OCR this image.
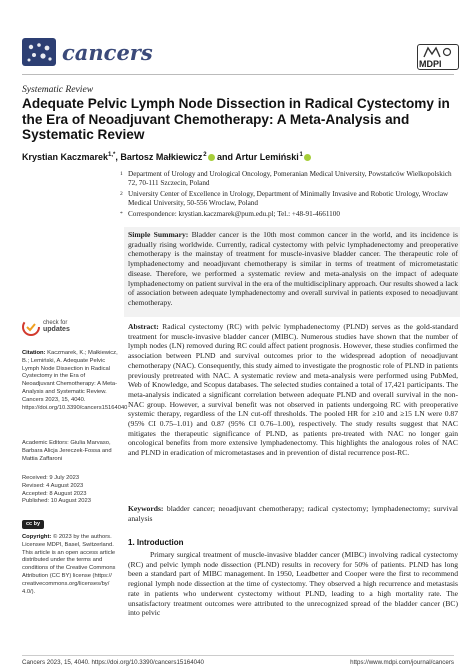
cancers	MDPI
Systematic Review
Adequate Pelvic Lymph Node Dissection in Radical Cystectomy in the Era of Neoadjuvant Chemotherapy: A Meta-Analysis and Systematic Review
Krystian Kaczmarek$^{1,*}$, Bartosz Małkiewicz $^2$ and Artur Lemiński $^1$
1 Department of Urology and Urological Oncology, Pomeranian Medical University, Powstańców Wielkopolskich 72, 70-111 Szczecin, Poland
2 University Center of Excellence in Urology, Department of Minimally Invasive and Robotic Urology, Wroclaw Medical University, 50-556 Wroclaw, Poland
* Correspondence: krystian.kaczmarek@pum.edu.pl; Tel.: +48-91-4661100
Simple Summary: Bladder cancer is the 10th most common cancer in the world, and its incidence is gradually rising worldwide. Currently, radical cystectomy with pelvic lymphadenectomy and preoperative chemotherapy is the mainstay of treatment for muscle-invasive bladder cancer. The therapeutic role of lymphadenectomy and neoadjuvant chemotherapy is similar in terms of treatment of micrometastatic disease. Therefore, we performed a systematic review and meta-analysis on the impact of adequate lymphadenectomy on patient survival in the era of the multidisciplinary approach. Our results showed a lack of association between adequate lymphadenectomy and overall survival in patients exposed to neoadjuvant chemotherapy.
Abstract: Radical cystectomy (RC) with pelvic lymphadenectomy (PLND) serves as the gold-standard treatment for muscle-invasive bladder cancer (MIBC). Numerous studies have shown that the number of lymph nodes (LN) removed during RC could affect patient prognosis. However, these studies confirmed the association between PLND and survival outcomes prior to the widespread adoption of neoadjuvant chemotherapy (NAC). Consequently, this study aimed to investigate the prognostic role of PLND in patients previously pretreated with NAC. A systematic review and meta-analysis were performed using PubMed, Web of Knowledge, and Scopus databases. The selected studies contained a total of 17,421 participants. The meta-analysis indicated a significant correlation between adequate PLND and overall survival in the non-NAC group. However, a survival benefit was not observed in patients undergoing RC with preoperative systemic therapy, regardless of the LN cut-off thresholds. The pooled HR for ≥10 and ≥15 LN were 0.87 (95% CI 0.75–1.01) and 0.87 (95% CI 0.76–1.00), respectively. The study results suggest that NAC mitigates the therapeutic significance of PLND, as patients pre-treated with NAC no longer gain oncological benefits from more extensive lymphadenectomy. This highlights the analogous roles of NAC and PLND in eradication of micrometastases and in prevention of distal recurrence post-RC.
Keywords: bladder cancer; neoadjuvant chemotherapy; radical cystectomy; lymphadenectomy; survival analysis
1. Introduction
Primary surgical treatment of muscle-invasive bladder cancer (MIBC) involving radical cystectomy (RC) and pelvic lymph node dissection (PLND) results in recovery for 50% of patients. PLND has long been a standard part of MIBC management. In 1950, Leadbetter and Cooper were the first to recommend regional lymph node dissection at the time of cystectomy. They observed a high recurrence and metastasis rate in patients who underwent cystectomy without PLND, leading to a high mortality rate. The unsatisfactory treatment outcomes were attributed to the unrecognized spread of the bladder cancer (BC) into pelvic
check for
updates
Citation: Kaczmarek, K.; Małkiewicz, B.; Lemiński, A. Adequate Pelvic Lymph Node Dissection in Radical Cystectomy in the Era of Neoadjuvant Chemotherapy: A Meta-Analysis and Systematic Review. Cancers 2023, 15, 4040. https://doi.org/10.3390/cancers15164040
Academic Editors: Giulia Marvaso, Barbara Alicja Jereczek-Fossa and Mattia Zaffaroni
Received: 9 July 2023
Revised: 4 August 2023
Accepted: 8 August 2023
Published: 10 August 2023
cc by
Copyright: © 2023 by the authors. Licensee MDPI, Basel, Switzerland. This article is an open access article distributed under the terms and conditions of the Creative Commons Attribution (CC BY) license (https:// creativecommons.org/licenses/by/ 4.0/).
Cancers 2023, 15, 4040. https://doi.org/10.3390/cancers15164040	https://www.mdpi.com/journal/cancers
